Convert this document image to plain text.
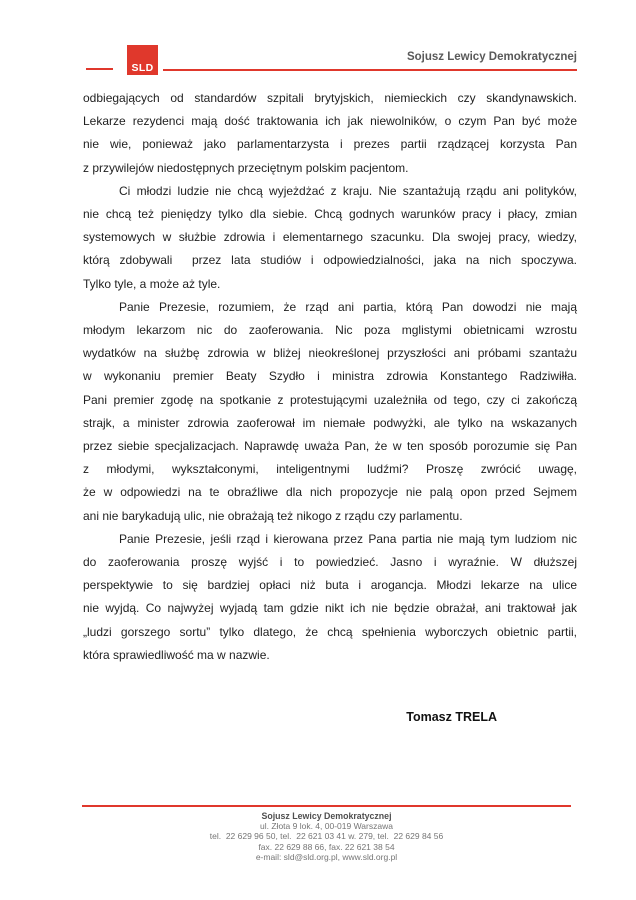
SLD
Sojusz Lewicy Demokratycznej
odbiegających od standardów szpitali brytyjskich, niemieckich czy skandynawskich.
Lekarze rezydenci mają dość traktowania ich jak niewolników, o czym Pan być może
nie wie, ponieważ jako parlamentarzysta i prezes partii rządzącej korzysta Pan
z przywilejów niedostępnych przeciętnym polskim pacjentom.
Ci młodzi ludzie nie chcą wyjeżdżać z kraju. Nie szantażują rządu ani polityków,
nie chcą też pieniędzy tylko dla siebie. Chcą godnych warunków pracy i płacy, zmian
systemowych w służbie zdrowia i elementarnego szacunku. Dla swojej pracy, wiedzy,
którą zdobywali  przez lata studiów i odpowiedzialności, jaka na nich spoczywa.
Tylko tyle, a może aż tyle.
Panie Prezesie, rozumiem, że rząd ani partia, którą Pan dowodzi nie mają
młodym lekarzom nic do zaoferowania. Nic poza mglistymi obietnicami wzrostu
wydatków na służbę zdrowia w bliżej nieokreślonej przyszłości ani próbami szantażu
w wykonaniu premier Beaty Szydło i ministra zdrowia Konstantego Radziwiłła.
Pani premier zgodę na spotkanie z protestującymi uzależniła od tego, czy ci zakończą
strajk, a minister zdrowia zaoferował im niemałe podwyżki, ale tylko na wskazanych
przez siebie specjalizacjach. Naprawdę uważa Pan, że w ten sposób porozumie się Pan
z młodymi, wykształconymi, inteligentnymi ludźmi? Proszę zwrócić uwagę,
że w odpowiedzi na te obraźliwe dla nich propozycje nie palą opon przed Sejmem
ani nie barykadują ulic, nie obrażają też nikogo z rządu czy parlamentu.
Panie Prezesie, jeśli rząd i kierowana przez Pana partia nie mają tym ludziom nic
do zaoferowania proszę wyjść i to powiedzieć. Jasno i wyraźnie. W dłuższej
perspektywie to się bardziej opłaci niż buta i arogancja. Młodzi lekarze na ulice
nie wyjdą. Co najwyżej wyjadą tam gdzie nikt ich nie będzie obrażał, ani traktował jak
„ludzi gorszego sortu” tylko dlatego, że chcą spełnienia wyborczych obietnic partii,
która sprawiedliwość ma w nazwie.
Tomasz TRELA
Sojusz Lewicy Demokratycznej
ul. Złota 9 lok. 4, 00-019 Warszawa
tel.  22 629 96 50, tel.  22 621 03 41 w. 279, tel.  22 629 84 56
fax. 22 629 88 66, fax. 22 621 38 54
e-mail: sld@sld.org.pl, www.sld.org.pl
